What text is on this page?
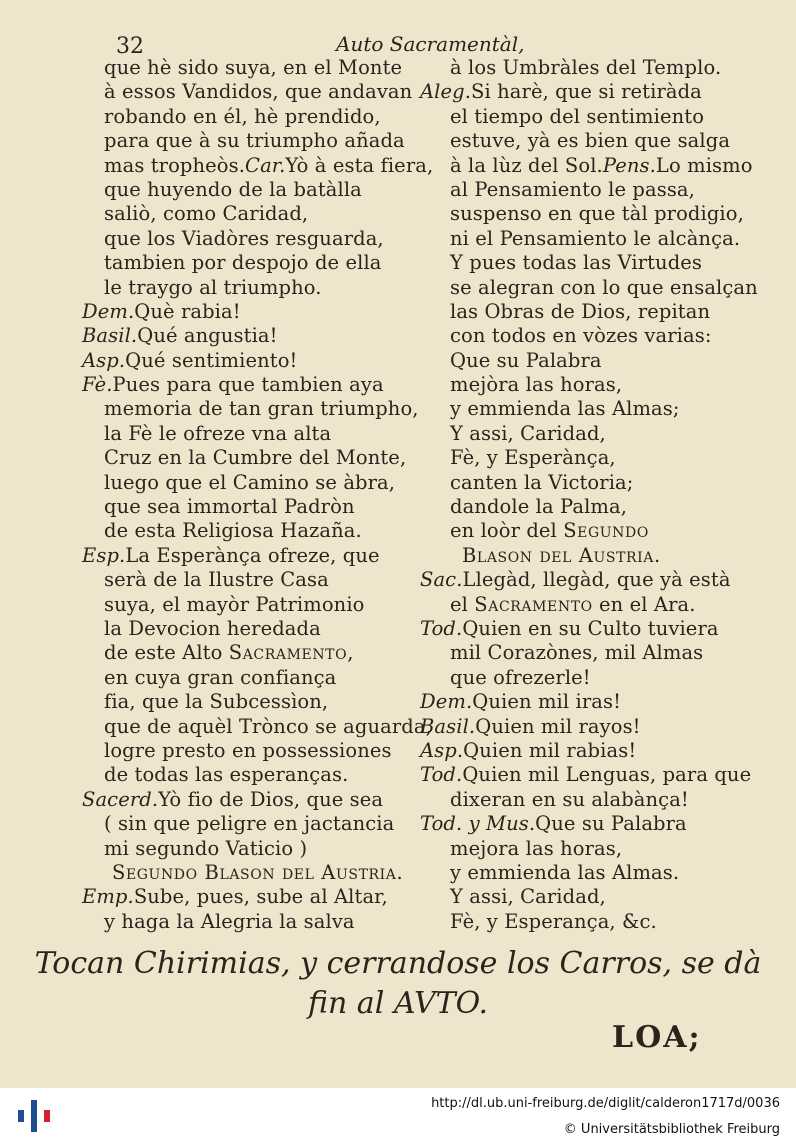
32	Auto Sacramentàl,
que hè sido suya, en el Monte
à essos Vandidos, que andavan
robando en él, hè prendido,
para que à su triumpho añada
mas tropheòs.Car.Yò à esta fiera,
que huyendo de la batàlla
saliò, como Caridad,
que los Viadòres resguarda,
tambien por despojo de ella
le traygo al triumpho.
Dem.Què rabia!
Basil.Qué angustia!
Asp.Qué sentimiento!
Fè.Pues para que tambien aya
memoria de tan gran triumpho,
la Fè le ofreze vna alta
Cruz en la Cumbre del Monte,
luego que el Camino se àbra,
que sea immortal Padròn
de esta Religiosa Hazaña.
Esp.La Esperànça ofreze, que
serà de la Ilustre Casa
suya, el mayòr Patrimonio
la Devocion heredada
de este Alto Sacramento,
en cuya gran confiança
fia, que la Subcessìon,
que de aquèl Trònco se aguarda,
logre presto en possessiones
de todas las esperanças.
Sacerd.Yò fio de Dios, que sea
( sin que peligre en jactancia
mi segundo Vaticio )
Segundo Blason del Austria.
Emp.Sube, pues, sube al Altar,
y haga la Alegria la salva
à los Umbràles del Templo.
Aleg.Si harè, que si retiràda
el tiempo del sentimiento
estuve, yà es bien que salga
à la lùz del Sol.Pens.Lo mismo
al Pensamiento le passa,
suspenso en que tàl prodigio,
ni el Pensamiento le alcànça.
Y pues todas las Virtudes
se alegran con lo que ensalçan
las Obras de Dios, repitan
con todos en vòzes varias:
Que su Palabra
mejòra las horas,
y emmienda las Almas;
Y assi, Caridad,
Fè, y Esperànça,
canten la Victoria;
dandole la Palma,
en loòr del Segundo
Blason del Austria.
Sac.Llegàd, llegàd, que yà està
el Sacramento en el Ara.
Tod.Quien en su Culto tuviera
mil Corazònes, mil Almas
que ofrezerle!
Dem.Quien mil iras!
Basil.Quien mil rayos!
Asp.Quien mil rabias!
Tod.Quien mil Lenguas, para que
dixeran en su alabànça!
Tod. y Mus.Que su Palabra
mejora las horas,
y emmienda las Almas.
Y assi, Caridad,
Fè, y Esperança, &c.
Tocan Chirimias, y cerrandose los Carros, se dà
fin al AVTO.
LOA;
http://dl.ub.uni-freiburg.de/diglit/calderon1717d/0036
© Universitätsbibliothek Freiburg
